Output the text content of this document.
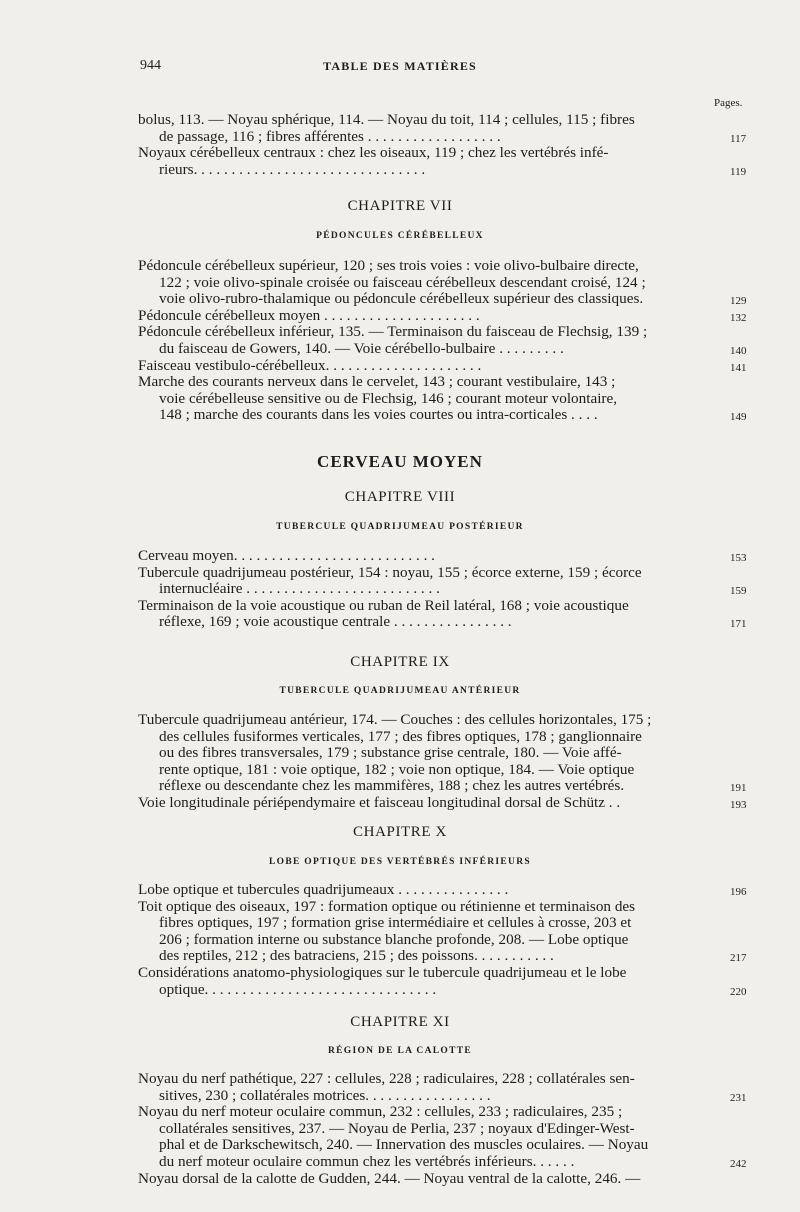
944	TABLE DES MATIÈRES
Pages.
bolus, 113. — Noyau sphérique, 114. — Noyau du toit, 114 ; cellules, 115 ; fibres
de passage, 116 ; fibres afférentes . . . . . . . . . . . . . . . . . .	117
Noyaux cérébelleux centraux : chez les oiseaux, 119 ; chez les vertébrés infé-
rieurs. . . . . . . . . . . . . . . . . . . . . . . . . . . . . . .	119
CHAPITRE VII
PÉDONCULES CÉRÉBELLEUX
Pédoncule cérébelleux supérieur, 120 ; ses trois voies : voie olivo-bulbaire directe,
122 ; voie olivo-spinale croisée ou faisceau cérébelleux descendant croisé, 124 ;
voie olivo-rubro-thalamique ou pédoncule cérébelleux supérieur des classiques.	129
Pédoncule cérébelleux moyen . . . . . . . . . . . . . . . . . . . . .	132
Pédoncule cérébelleux inférieur, 135. — Terminaison du faisceau de Flechsig, 139 ;
du faisceau de Gowers, 140. — Voie cérébello-bulbaire . . . . . . . . .	140
Faisceau vestibulo-cérébelleux. . . . . . . . . . . . . . . . . . . . .	141
Marche des courants nerveux dans le cervelet, 143 ; courant vestibulaire, 143 ;
voie cérébelleuse sensitive ou de Flechsig, 146 ; courant moteur volontaire,
148 ; marche des courants dans les voies courtes ou intra-corticales . . . .	149
CERVEAU MOYEN
CHAPITRE VIII
TUBERCULE QUADRIJUMEAU POSTÉRIEUR
Cerveau moyen. . . . . . . . . . . . . . . . . . . . . . . . . . .	153
Tubercule quadrijumeau postérieur, 154 : noyau, 155 ; écorce externe, 159 ; écorce
internucléaire . . . . . . . . . . . . . . . . . . . . . . . . . .	159
Terminaison de la voie acoustique ou ruban de Reil latéral, 168 ; voie acoustique
réflexe, 169 ; voie acoustique centrale . . . . . . . . . . . . . . . .	171
CHAPITRE IX
TUBERCULE QUADRIJUMEAU ANTÉRIEUR
Tubercule quadrijumeau antérieur, 174. — Couches : des cellules horizontales, 175 ;
des cellules fusiformes verticales, 177 ; des fibres optiques, 178 ; ganglionnaire
ou des fibres transversales, 179 ; substance grise centrale, 180. — Voie affé-
rente optique, 181 : voie optique, 182 ; voie non optique, 184. — Voie optique
réflexe ou descendante chez les mammifères, 188 ; chez les autres vertébrés.	191
Voie longitudinale périépendymaire et faisceau longitudinal dorsal de Schütz . .	193
CHAPITRE X
LOBE OPTIQUE DES VERTÉBRÉS INFÉRIEURS
Lobe optique et tubercules quadrijumeaux . . . . . . . . . . . . . . .	196
Toit optique des oiseaux, 197 : formation optique ou rétinienne et terminaison des
fibres optiques, 197 ; formation grise intermédiaire et cellules à crosse, 203 et
206 ; formation interne ou substance blanche profonde, 208. — Lobe optique
des reptiles, 212 ; des batraciens, 215 ; des poissons. . . . . . . . . . .	217
Considérations anatomo-physiologiques sur le tubercule quadrijumeau et le lobe
optique. . . . . . . . . . . . . . . . . . . . . . . . . . . . . . .	220
CHAPITRE XI
RÉGION DE LA CALOTTE
Noyau du nerf pathétique, 227 : cellules, 228 ; radiculaires, 228 ; collatérales sen-
sitives, 230 ; collatérales motrices. . . . . . . . . . . . . . . . .	231
Noyau du nerf moteur oculaire commun, 232 : cellules, 233 ; radiculaires, 235 ;
collatérales sensitives, 237. — Noyau de Perlia, 237 ; noyaux d'Edinger-West-
phal et de Darkschewitsch, 240. — Innervation des muscles oculaires. — Noyau
du nerf moteur oculaire commun chez les vertébrés inférieurs. . . . . .	242
Noyau dorsal de la calotte de Gudden, 244. — Noyau ventral de la calotte, 246. —
